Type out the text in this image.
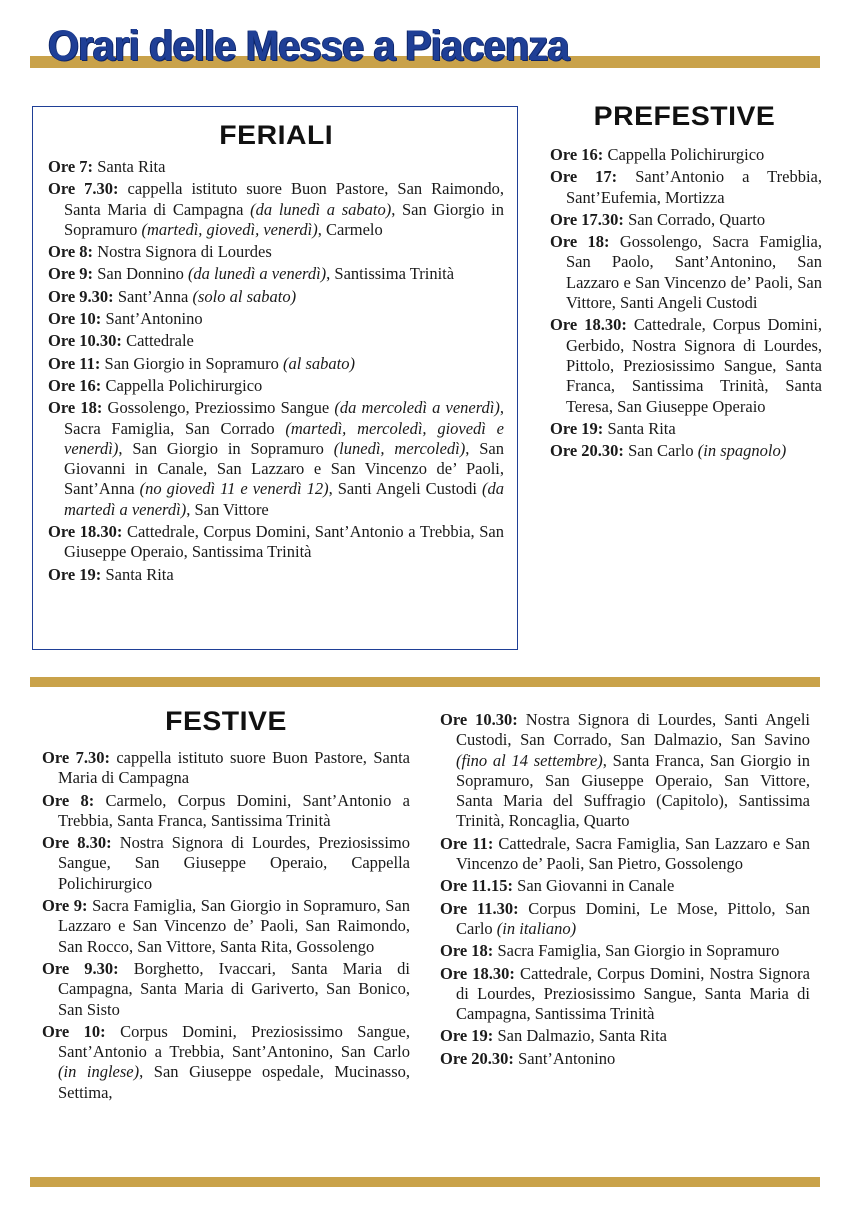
Orari delle Messe a Piacenza
FERIALI

Ore 7: Santa Rita

Ore 7.30: cappella istituto suore Buon Pastore, San Raimondo, Santa Maria di Campagna (da lunedì a sabato), San Giorgio in Sopramuro (martedì, giovedì, venerdì), Carmelo

Ore 8: Nostra Signora di Lourdes

Ore 9: San Donnino (da lunedì a venerdì), Santissima Trinità

Ore 9.30: Sant’Anna (solo al sabato)

Ore 10: Sant’Antonino

Ore 10.30: Cattedrale

Ore 11: San Giorgio in Sopramuro (al sabato)

Ore 16: Cappella Polichirurgico

Ore 18: Gossolengo, Preziossimo Sangue (da mercoledì a venerdì), Sacra Famiglia, San Corrado (martedì, mercoledì, giovedì e venerdì), San Giorgio in Sopramuro (lunedì, mercoledì), San Giovanni in Canale, San Lazzaro e San Vincenzo de’ Paoli, Sant’Anna (no giovedì 11 e venerdì 12), Santi Angeli Custodi (da martedì a venerdì), San Vittore

Ore 18.30: Cattedrale, Corpus Domini, Sant’Antonio a Trebbia, San Giuseppe Operaio, Santissima Trinità

Ore 19: Santa Rita

PREFESTIVE

Ore 16: Cappella Polichirurgico

Ore 17: Sant’Antonio a Trebbia, Sant’Eufemia, Mortizza

Ore 17.30: San Corrado, Quarto

Ore 18: Gossolengo, Sacra Famiglia, San Paolo, Sant’Antonino, San Lazzaro e San Vincenzo de’ Paoli, San Vittore, Santi Angeli Custodi

Ore 18.30: Cattedrale, Corpus Domini, Gerbido, Nostra Signora di Lourdes, Pittolo, Preziosissimo Sangue, Santa Franca, Santissima Trinità, Santa Teresa, San Giuseppe Operaio

Ore 19: Santa Rita

Ore 20.30: San Carlo (in spagnolo)

FESTIVE

Ore 7.30: cappella istituto suore Buon Pastore, Santa Maria di Campagna

Ore 8: Carmelo, Corpus Domini, Sant’Antonio a Trebbia, Santa Franca, Santissima Trinità

Ore 8.30: Nostra Signora di Lourdes, Preziosissimo Sangue, San Giuseppe Operaio, Cappella Polichirurgico

Ore 9: Sacra Famiglia, San Giorgio in Sopramuro, San Lazzaro e San Vincenzo de’ Paoli, San Raimondo, San Rocco, San Vittore, Santa Rita, Gossolengo

Ore 9.30: Borghetto, Ivaccari, Santa Maria di Campagna, Santa Maria di Gariverto, San Bonico, San Sisto

Ore 10: Corpus Domini, Preziosissimo Sangue, Sant’Antonio a Trebbia, Sant’Antonino, San Carlo (in inglese), San Giuseppe ospedale, Mucinasso, Settima,

Ore 10.30: Nostra Signora di Lourdes, Santi Angeli Custodi, San Corrado, San Dalmazio, San Savino (fino al 14 settembre), Santa Franca, San Giorgio in Sopramuro, San Giuseppe Operaio, San Vittore, Santa Maria del Suffragio (Capitolo), Santissima Trinità, Roncaglia, Quarto

Ore 11: Cattedrale, Sacra Famiglia, San Lazzaro e San Vincenzo de’ Paoli, San Pietro, Gossolengo

Ore 11.15: San Giovanni in Canale

Ore 11.30: Corpus Domini, Le Mose, Pittolo, San Carlo (in italiano)

Ore 18: Sacra Famiglia, San Giorgio in Sopramuro

Ore 18.30: Cattedrale, Corpus Domini, Nostra Signora di Lourdes, Preziosissimo Sangue, Santa Maria di Campagna, Santissima Trinità

Ore 19: San Dalmazio, Santa Rita

Ore 20.30: Sant’Antonino
